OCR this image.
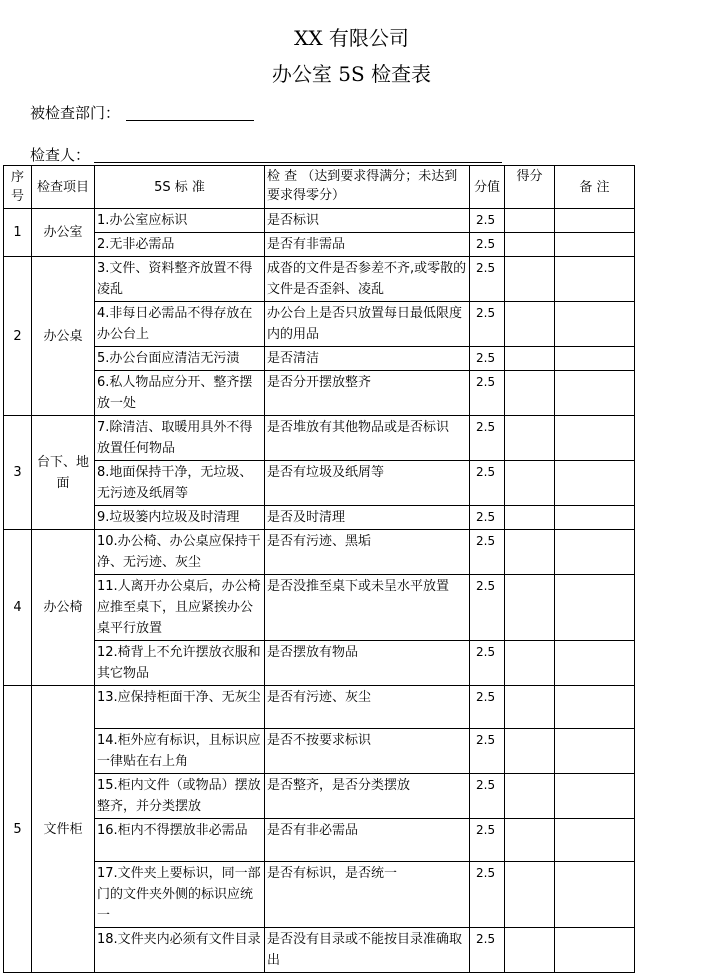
XX 有限公司
办公室 5S 检查表
被检查部门：
检查人：
序号	检查项目	5S 标 准	检 查 （达到要求得满分；未达到要求得零分）	分值	得分	备 注
1	办公室	1.办公室应标识	是否标识	2.5		
		2.无非必需品	是否有非需品	2.5		
2	办公桌	3.文件、资料整齐放置不得凌乱	成沓的文件是否参差不齐,或零散的文件是否歪斜、凌乱	2.5		
		4.非每日必需品不得存放在办公台上	办公台上是否只放置每日最低限度内的用品	2.5		
		5.办公台面应清洁无污渍	是否清洁	2.5		
		6.私人物品应分开、整齐摆放一处	是否分开摆放整齐	2.5		
3	台下、地面	7.除清洁、取暖用具外不得放置任何物品	是否堆放有其他物品或是否标识	2.5		
		8.地面保持干净，无垃圾、无污迹及纸屑等	是否有垃圾及纸屑等	2.5		
		9.垃圾篓内垃圾及时清理	是否及时清理	2.5		
4	办公椅	10.办公椅、办公桌应保持干净、无污迹、灰尘	是否有污迹、黑垢	2.5		
		11.人离开办公桌后，办公椅应推至桌下，且应紧挨办公桌平行放置	是否没推至桌下或未呈水平放置	2.5		
		12.椅背上不允许摆放衣服和其它物品	是否摆放有物品	2.5		
5	文件柜	13.应保持柜面干净、无灰尘	是否有污迹、灰尘	2.5		
		14.柜外应有标识，且标识应一律贴在右上角	是否不按要求标识	2.5		
		15.柜内文件（或物品）摆放整齐，并分类摆放	是否整齐，是否分类摆放	2.5		
		16.柜内不得摆放非必需品	是否有非必需品	2.5		
		17.文件夹上要标识，同一部门的文件夹外侧的标识应统一	是否有标识，是否统一	2.5		
		18.文件夹内必须有文件目录	是否没有目录或不能按目录准确取出	2.5		
